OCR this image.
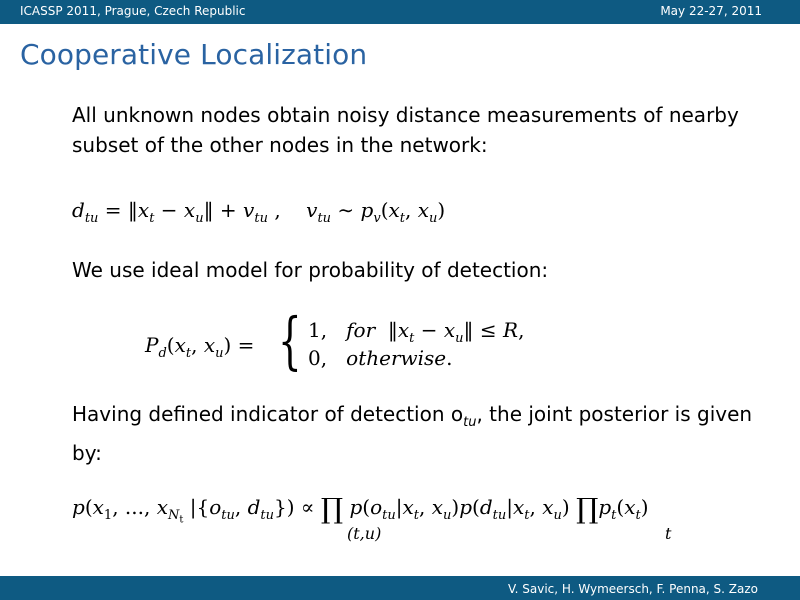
ICASSP 2011, Prague, Czech Republic	May 22-27, 2011
Cooperative Localization
All unknown nodes obtain noisy distance measurements of nearby
subset of the other nodes in the network:
$d_{tu}$ = $‖x_t$ − $x_u‖ + v_{tu}$ ,    $v_{tu}$ ∼ $p_v(x_t$, $x_u$)
We use ideal model for probability of detection:
$P_d(x_t$, $x_u$) = { 1,   for  $‖x_t$ − $x_u‖ \le R$,
0,   otherwise.
Having defined indicator of detection $o_{tu}$, the joint posterior is given
by:
$p(x_1$, ..., $x_{N_t}$ $|\{o_{tu}$, $d_{tu}$}) ∝ ∏ $p(o_{tu}|x_t$, $x_u)p(d_{tu}|x_t$, $x_u$) $\prod p_t(x_t)$
(t,u)	t
V. Savic, H. Wymeersch, F. Penna, S. Zazo
